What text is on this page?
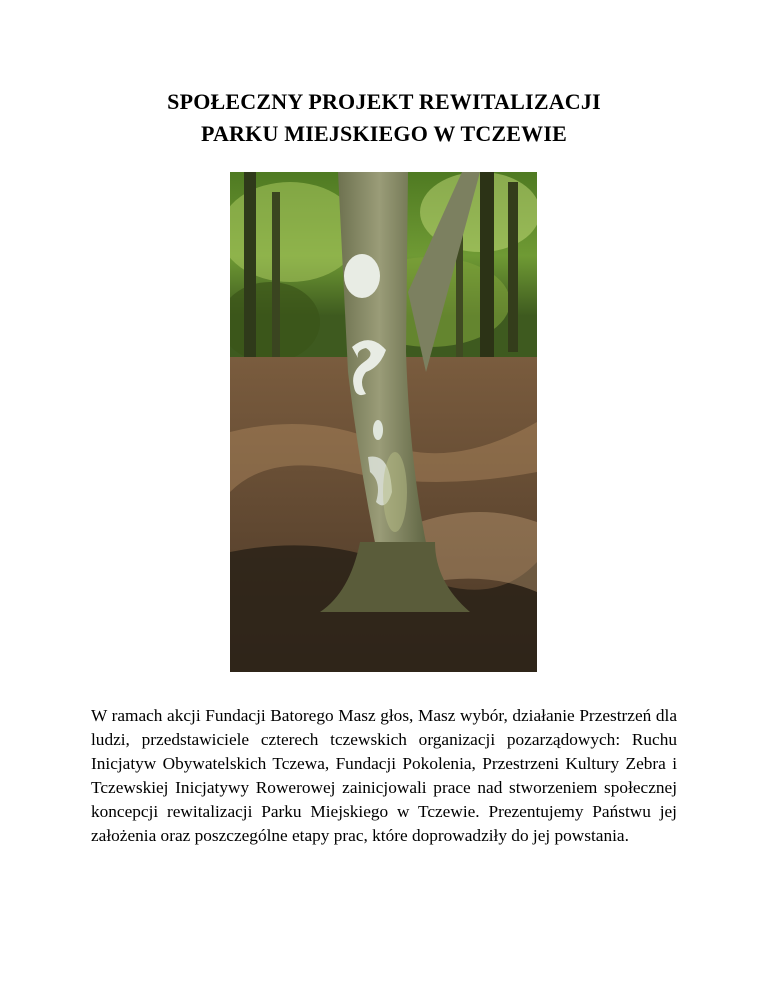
SPOŁECZNY PROJEKT REWITALIZACJI
PARKU MIEJSKIEGO W TCZEWIE

W ramach akcji Fundacji Batorego Masz głos, Masz wybór, działanie Przestrzeń dla ludzi, przedstawiciele czterech tczewskich organizacji pozarządowych: Ruchu Inicjatyw Obywatelskich Tczewa, Fundacji Pokolenia, Przestrzeni Kultury Zebra i Tczewskiej Inicjatywy Rowerowej zainicjowali prace nad stworzeniem społecznej koncepcji rewitalizacji Parku Miejskiego w Tczewie. Prezentujemy Państwu jej założenia oraz poszczególne etapy prac, które doprowadziły do jej powstania.
